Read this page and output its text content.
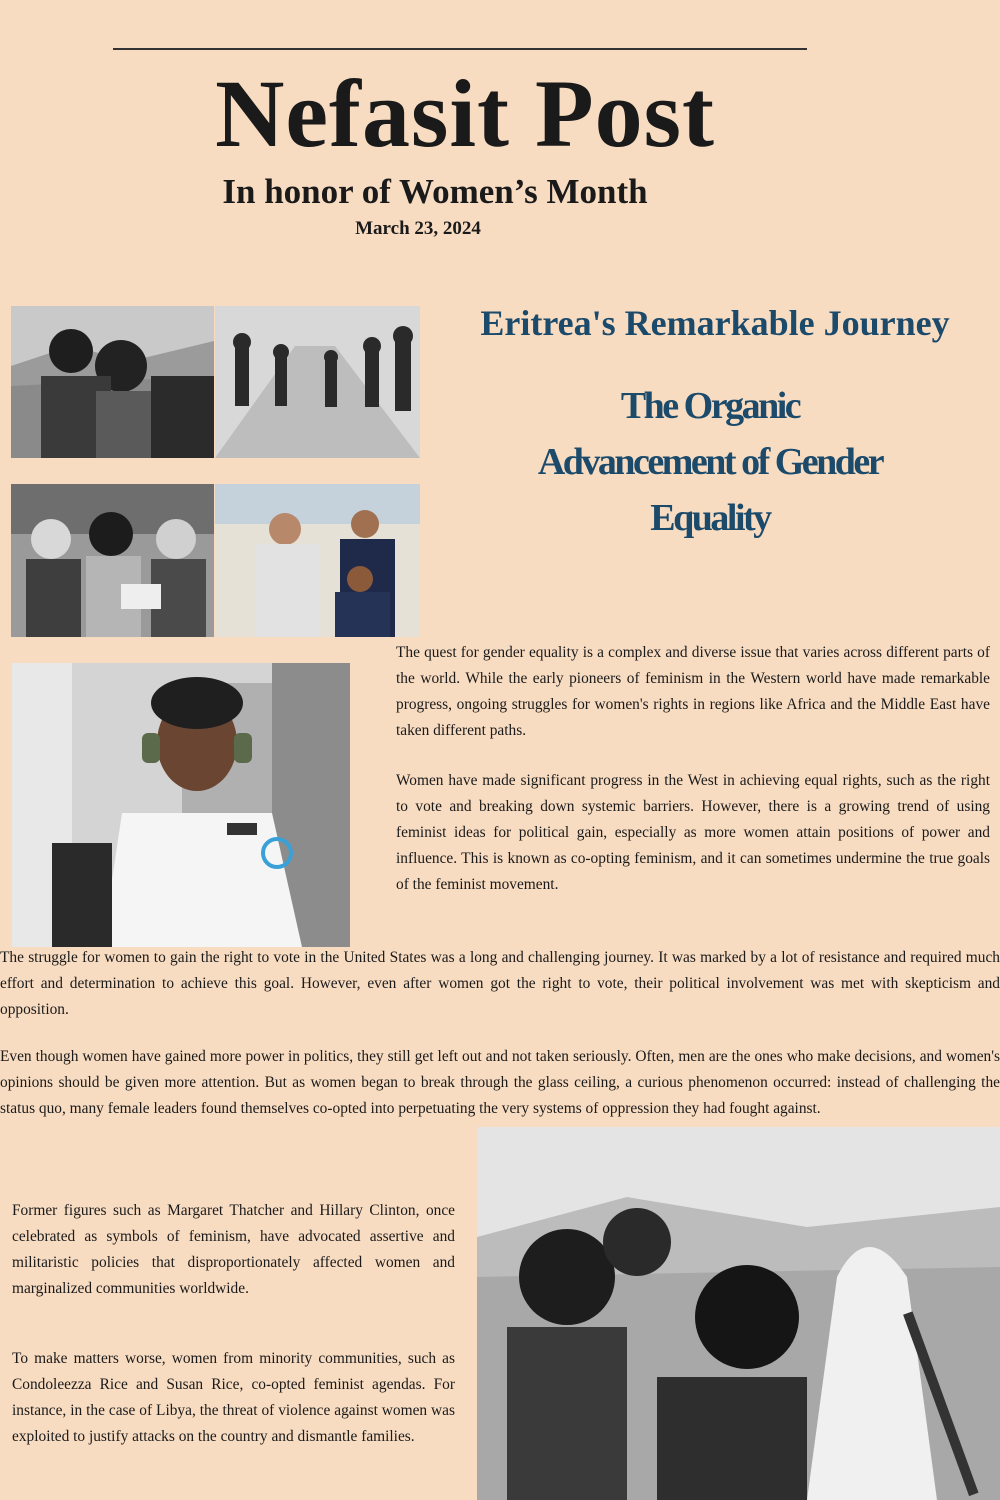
Nefasit Post
In honor of Women’s Month
March 23, 2024
Eritrea's Remarkable Journey
The Organic
Advancement of Gender
Equality

The quest for gender equality is a complex and diverse issue that varies across different parts of the world. While the early pioneers of feminism in the Western world have made remarkable progress, ongoing struggles for women's rights in regions like Africa and the Middle East have taken different paths.

Women have made significant progress in the West in achieving equal rights, such as the right to vote and breaking down systemic barriers. However, there is a growing trend of using feminist ideas for political gain, especially as more women attain positions of power and influence. This is known as co-opting feminism, and it can sometimes undermine the true goals of the feminist movement.

The struggle for women to gain the right to vote in the United States was a long and challenging journey. It was marked by a lot of resistance and required much effort and determination to achieve this goal. However, even after women got the right to vote, their political involvement was met with skepticism and opposition.

Even though women have gained more power in politics, they still get left out and not taken seriously. Often, men are the ones who make decisions, and women's opinions should be given more attention. But as women began to break through the glass ceiling, a curious phenomenon occurred: instead of challenging the status quo, many female leaders found themselves co-opted into perpetuating the very systems of oppression they had fought against.

Former figures such as Margaret Thatcher and Hillary Clinton, once celebrated as symbols of feminism, have advocated assertive and militaristic policies that disproportionately affected women and marginalized communities worldwide.

To make matters worse, women from minority communities, such as Condoleezza Rice and Susan Rice, co-opted feminist agendas. For instance, in the case of Libya, the threat of violence against women was exploited to justify attacks on the country and dismantle families.
